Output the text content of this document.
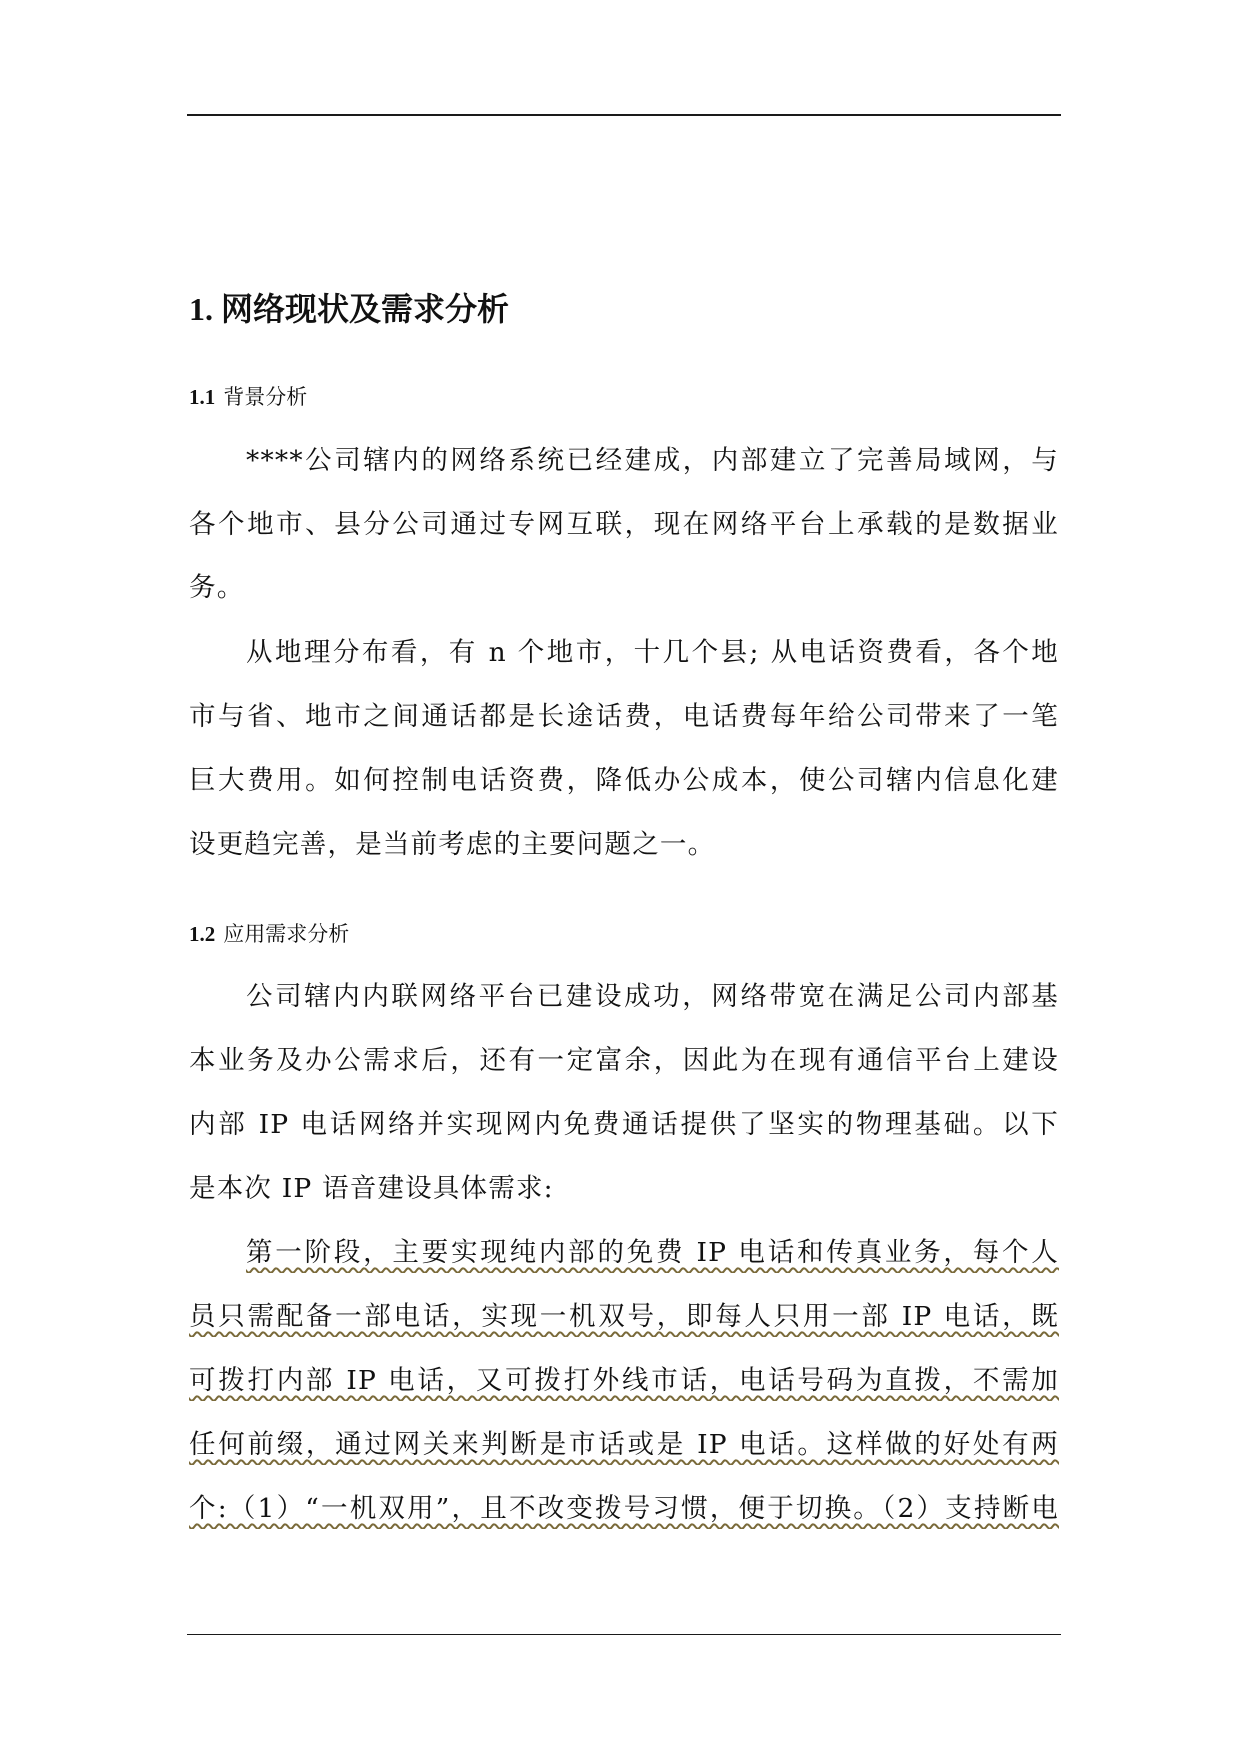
1. 网络现状及需求分析
1.1 背景分析
****公司辖内的网络系统已经建成，内部建立了完善局域网，与
各个地市、县分公司通过专网互联，现在网络平台上承载的是数据业
务。
从地理分布看，有 n 个地市，十几个县; 从电话资费看，各个地
市与省、地市之间通话都是长途话费，电话费每年给公司带来了一笔
巨大费用。如何控制电话资费，降低办公成本，使公司辖内信息化建
设更趋完善，是当前考虑的主要问题之一。
1.2 应用需求分析
公司辖内内联网络平台已建设成功，网络带宽在满足公司内部基
本业务及办公需求后，还有一定富余，因此为在现有通信平台上建设
内部 IP 电话网络并实现网内免费通话提供了坚实的物理基础。以下
是本次 IP 语音建设具体需求:
第一阶段，主要实现纯内部的免费 IP 电话和传真业务，每个人
员只需配备一部电话，实现一机双号，即每人只用一部 IP 电话，既
可拨打内部 IP 电话，又可拨打外线市话，电话号码为直拨，不需加
任何前缀，通过网关来判断是市话或是 IP 电话。这样做的好处有两
个:（1）“一机双用”，且不改变拨号习惯，便于切换。（2）支持断电
